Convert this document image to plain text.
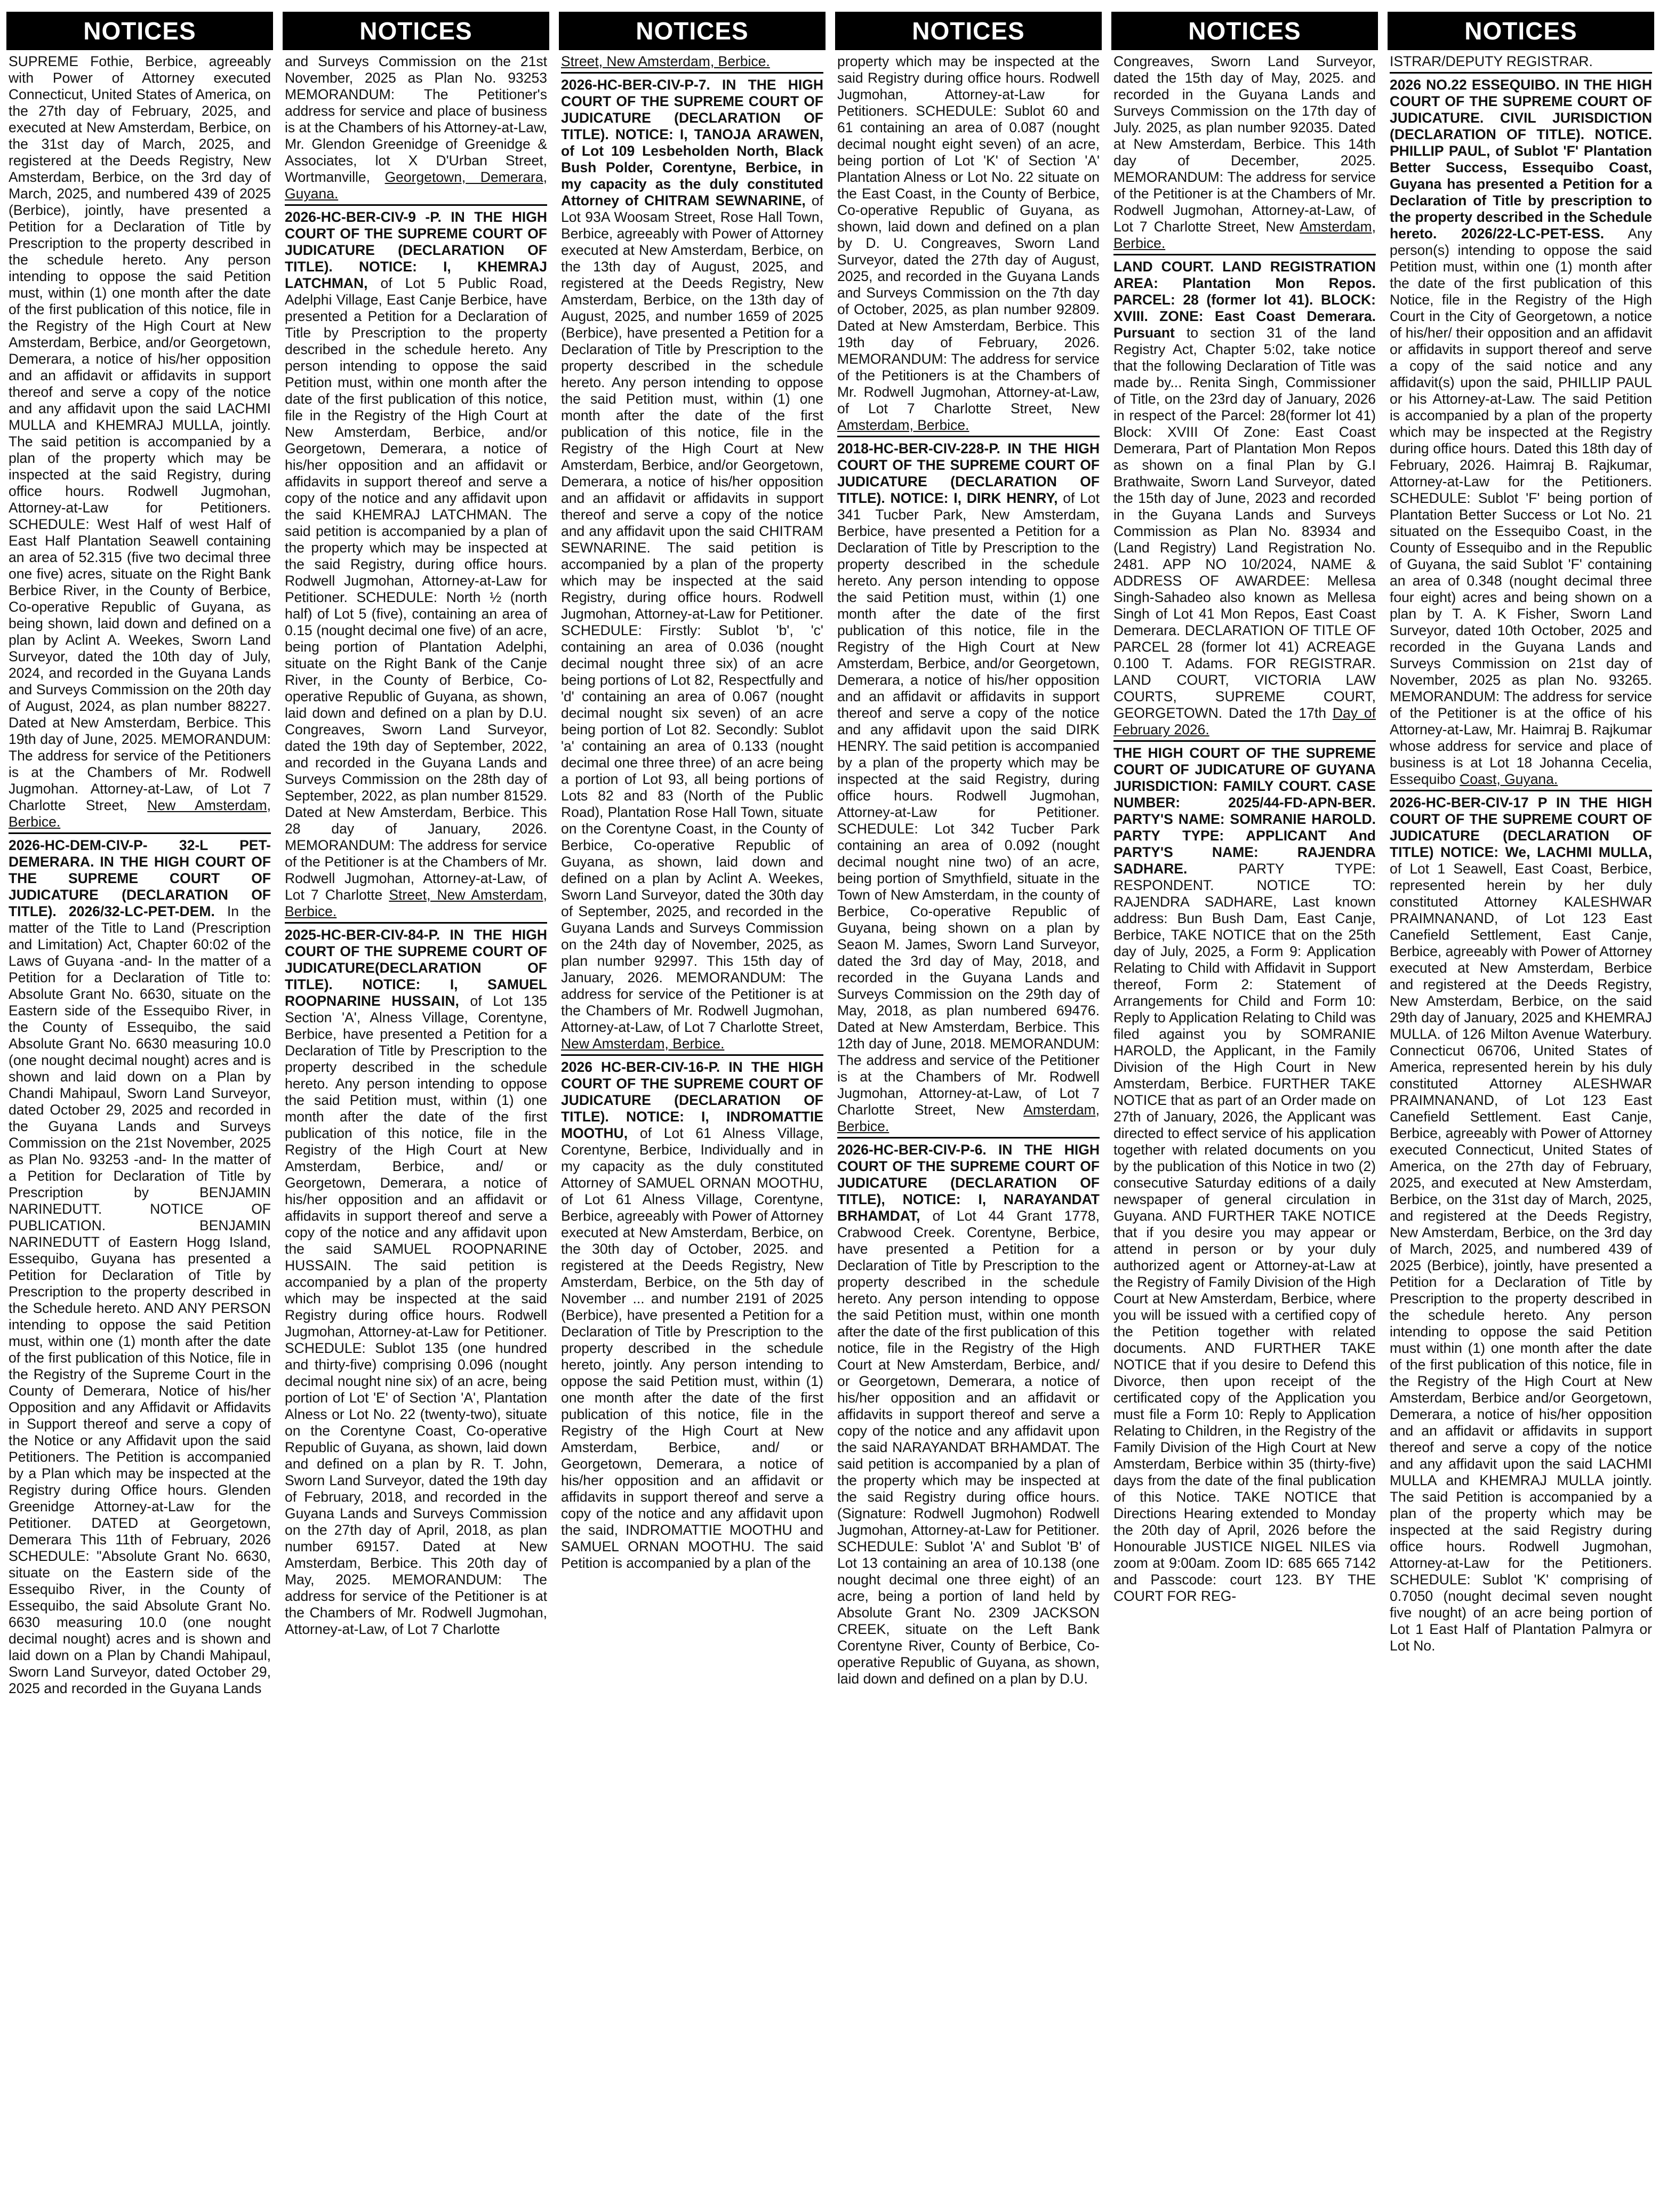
NOTICES

SUPREME Fothie, Berbice, agreeably with Power of Attorney executed Connecticut, United States of America, on the 27th day of February, 2025, and executed at New Amsterdam, Berbice, on the 31st day of March, 2025, and registered at the Deeds Registry, New Amsterdam, Berbice, on the 3rd day of March, 2025, and numbered 439 of 2025 (Berbice), jointly, have presented a Petition for a Declaration of Title by Prescription to the property described in the schedule hereto. Any person intending to oppose the said Petition must, within (1) one month after the date of the first publication of this notice, file in the Registry of the High Court at New Amsterdam, Berbice, and/or Georgetown, Demerara, a notice of his/her opposition and an affidavit or affidavits in support thereof and serve a copy of the notice and any affidavit upon the said LACHMI MULLA and KHEMRAJ MULLA, jointly. The said petition is accompanied by a plan of the property which may be inspected at the said Registry, during office hours. Rodwell Jugmohan, Attorney-at-Law for Petitioners. SCHEDULE: West Half of west Half of East Half Plantation Seawell containing an area of 52.315 (five two decimal three one five) acres, situate on the Right Bank Berbice River, in the County of Berbice, Co-operative Republic of Guyana, as being shown, laid down and defined on a plan by Aclint A. Weekes, Sworn Land Surveyor, dated the 10th day of July, 2024, and recorded in the Guyana Lands and Surveys Commission on the 20th day of August, 2024, as plan number 88227. Dated at New Amsterdam, Berbice. This 19th day of June, 2025. MEMORANDUM: The address for service of the Petitioners is at the Chambers of Mr. Rodwell Jugmohan. Attorney-at-Law, of Lot 7 Charlotte Street, New Amsterdam, Berbice.

2026-HC-DEM-CIV-P- 32-L PET- DEMERARA. IN THE HIGH COURT OF THE SUPREME COURT OF JUDICATURE (DECLARATION OF TITLE). 2026/32-LC-PET-DEM. In the matter of the Title to Land (Prescription and Limitation) Act, Chapter 60:02 of the Laws of Guyana -and- In the matter of a Petition for a Declaration of Title to: Absolute Grant No. 6630, situate on the Eastern side of the Essequibo River, in the County of Essequibo, the said Absolute Grant No. 6630 measuring 10.0 (one nought decimal nought) acres and is shown and laid down on a Plan by Chandi Mahipaul, Sworn Land Surveyor, dated October 29, 2025 and recorded in the Guyana Lands and Surveys Commission on the 21st November, 2025 as Plan No. 93253 -and- In the matter of a Petition for Declaration of Title by Prescription by BENJAMIN NARINEDUTT. NOTICE OF PUBLICATION. BENJAMIN NARINEDUTT of Eastern Hogg Island, Essequibo, Guyana has presented a Petition for Declaration of Title by Prescription to the property described in the Schedule hereto. AND ANY PERSON intending to oppose the said Petition must, within one (1) month after the date of the first publication of this Notice, file in the Registry of the Supreme Court in the County of Demerara, Notice of his/her Opposition and any Affidavit or Affidavits in Support thereof and serve a copy of the Notice or any Affidavit upon the said Petitioners. The Petition is accompanied by a Plan which may be inspected at the Registry during Office hours. Glenden Greenidge Attorney-at-Law for the Petitioner. DATED at Georgetown, Demerara This 11th of February, 2026 SCHEDULE: "Absolute Grant No. 6630, situate on the Eastern side of the Essequibo River, in the County of Essequibo, the said Absolute Grant No. 6630 measuring 10.0 (one nought decimal nought) acres and is shown and laid down on a Plan by Chandi Mahipaul, Sworn Land Surveyor, dated October 29, 2025 and recorded in the Guyana Lands

NOTICES

and Surveys Commission on the 21st November, 2025 as Plan No. 93253 MEMORANDUM: The Petitioner's address for service and place of business is at the Chambers of his Attorney-at-Law, Mr. Glendon Greenidge of Greenidge & Associates, lot X D'Urban Street, Wortmanville, Georgetown, Demerara, Guyana.

2026-HC-BER-CIV-9 -P. IN THE HIGH COURT OF THE SUPREME COURT OF JUDICATURE (DECLARATION OF TITLE). NOTICE: I, KHEMRAJ LATCHMAN, of Lot 5 Public Road, Adelphi Village, East Canje Berbice, have presented a Petition for a Declaration of Title by Prescription to the property described in the schedule hereto. Any person intending to oppose the said Petition must, within one month after the date of the first publication of this notice, file in the Registry of the High Court at New Amsterdam, Berbice, and/or Georgetown, Demerara, a notice of his/her opposition and an affidavit or affidavits in support thereof and serve a copy of the notice and any affidavit upon the said KHEMRAJ LATCHMAN. The said petition is accompanied by a plan of the property which may be inspected at the said Registry, during office hours. Rodwell Jugmohan, Attorney-at-Law for Petitioner. SCHEDULE: North ½ (north half) of Lot 5 (five), containing an area of 0.15 (nought decimal one five) of an acre, being portion of Plantation Adelphi, situate on the Right Bank of the Canje River, in the County of Berbice, Co-operative Republic of Guyana, as shown, laid down and defined on a plan by D.U. Congreaves, Sworn Land Surveyor, dated the 19th day of September, 2022, and recorded in the Guyana Lands and Surveys Commission on the 28th day of September, 2022, as plan number 81529. Dated at New Amsterdam, Berbice. This 28 day of January, 2026. MEMORANDUM: The address for service of the Petitioner is at the Chambers of Mr. Rodwell Jugmohan, Attorney-at-Law, of Lot 7 Charlotte Street, New Amsterdam, Berbice.

2025-HC-BER-CIV-84-P. IN THE HIGH COURT OF THE SUPREME COURT OF JUDICATURE(DECLARATION OF TITLE). NOTICE: I, SAMUEL ROOPNARINE HUSSAIN, of Lot 135 Section 'A', Alness Village, Corentyne, Berbice, have presented a Petition for a Declaration of Title by Prescription to the property described in the schedule hereto. Any person intending to oppose the said Petition must, within (1) one month after the date of the first publication of this notice, file in the Registry of the High Court at New Amsterdam, Berbice, and/ or Georgetown, Demerara, a notice of his/her opposition and an affidavit or affidavits in support thereof and serve a copy of the notice and any affidavit upon the said SAMUEL ROOPNARINE HUSSAIN. The said petition is accompanied by a plan of the property which may be inspected at the said Registry during office hours. Rodwell Jugmohan, Attorney-at-Law for Petitioner. SCHEDULE: Sublot 135 (one hundred and thirty-five) comprising 0.096 (nought decimal nought nine six) of an acre, being portion of Lot 'E' of Section 'A', Plantation Alness or Lot No. 22 (twenty-two), situate on the Corentyne Coast, Co-operative Republic of Guyana, as shown, laid down and defined on a plan by R. T. John, Sworn Land Surveyor, dated the 19th day of February, 2018, and recorded in the Guyana Lands and Surveys Commission on the 27th day of April, 2018, as plan number 69157. Dated at New Amsterdam, Berbice. This 20th day of May, 2025. MEMORANDUM: The address for service of the Petitioner is at the Chambers of Mr. Rodwell Jugmohan, Attorney-at-Law, of Lot 7 Charlotte

NOTICES

Street, New Amsterdam, Berbice.

2026-HC-BER-CIV-P-7. IN THE HIGH COURT OF THE SUPREME COURT OF JUDICATURE (DECLARATION OF TITLE). NOTICE: I, TANOJA ARAWEN, of Lot 109 Lesbeholden North, Black Bush Polder, Corentyne, Berbice, in my capacity as the duly constituted Attorney of CHITRAM SEWNARINE, of Lot 93A Woosam Street, Rose Hall Town, Berbice, agreeably with Power of Attorney executed at New Amsterdam, Berbice, on the 13th day of August, 2025, and registered at the Deeds Registry, New Amsterdam, Berbice, on the 13th day of August, 2025, and number 1659 of 2025 (Berbice), have presented a Petition for a Declaration of Title by Prescription to the property described in the schedule hereto. Any person intending to oppose the said Petition must, within (1) one month after the date of the first publication of this notice, file in the Registry of the High Court at New Amsterdam, Berbice, and/or Georgetown, Demerara, a notice of his/her opposition and an affidavit or affidavits in support thereof and serve a copy of the notice and any affidavit upon the said CHITRAM SEWNARINE. The said petition is accompanied by a plan of the property which may be inspected at the said Registry, during office hours. Rodwell Jugmohan, Attorney-at-Law for Petitioner. SCHEDULE: Firstly: Sublot 'b', 'c' containing an area of 0.036 (nought decimal nought three six) of an acre being portions of Lot 82, Respectfully and 'd' containing an area of 0.067 (nought decimal nought six seven) of an acre being portion of Lot 82. Secondly: Sublot 'a' containing an area of 0.133 (nought decimal one three three) of an acre being a portion of Lot 93, all being portions of Lots 82 and 83 (North of the Public Road), Plantation Rose Hall Town, situate on the Corentyne Coast, in the County of Berbice, Co-operative Republic of Guyana, as shown, laid down and defined on a plan by Aclint A. Weekes, Sworn Land Surveyor, dated the 30th day of September, 2025, and recorded in the Guyana Lands and Surveys Commission on the 24th day of November, 2025, as plan number 92997. This 15th day of January, 2026. MEMORANDUM: The address for service of the Petitioner is at the Chambers of Mr. Rodwell Jugmohan, Attorney-at-Law, of Lot 7 Charlotte Street, New Amsterdam, Berbice.

2026 HC-BER-CIV-16-P. IN THE HIGH COURT OF THE SUPREME COURT OF JUDICATURE (DECLARATION OF TITLE). NOTICE: I, INDROMATTIE MOOTHU, of Lot 61 Alness Village, Corentyne, Berbice, Individually and in my capacity as the duly constituted Attorney of SAMUEL ORNAN MOOTHU, of Lot 61 Alness Village, Corentyne, Berbice, agreeably with Power of Attorney executed at New Amsterdam, Berbice, on the 30th day of October, 2025. and registered at the Deeds Registry, New Amsterdam, Berbice, on the 5th day of November ... and number 2191 of 2025 (Berbice), have presented a Petition for a Declaration of Title by Prescription to the property described in the schedule hereto, jointly. Any person intending to oppose the said Petition must, within (1) one month after the date of the first publication of this notice, file in the Registry of the High Court at New Amsterdam, Berbice, and/ or Georgetown, Demerara, a notice of his/her opposition and an affidavit or affidavits in support thereof and serve a copy of the notice and any affidavit upon the said, INDROMATTIE MOOTHU and SAMUEL ORNAN MOOTHU. The said Petition is accompanied by a plan of the

NOTICES

property which may be inspected at the said Registry during office hours. Rodwell Jugmohan, Attorney-at-Law for Petitioners. SCHEDULE: Sublot 60 and 61 containing an area of 0.087 (nought decimal nought eight seven) of an acre, being portion of Lot 'K' of Section 'A' Plantation Alness or Lot No. 22 situate on the East Coast, in the County of Berbice, Co-operative Republic of Guyana, as shown, laid down and defined on a plan by D. U. Congreaves, Sworn Land Surveyor, dated the 27th day of August, 2025, and recorded in the Guyana Lands and Surveys Commission on the 7th day of October, 2025, as plan number 92809. Dated at New Amsterdam, Berbice. This 19th day of February, 2026. MEMORANDUM: The address for service of the Petitioners is at the Chambers of Mr. Rodwell Jugmohan, Attorney-at-Law, of Lot 7 Charlotte Street, New Amsterdam, Berbice.

2018-HC-BER-CIV-228-P. IN THE HIGH COURT OF THE SUPREME COURT OF JUDICATURE (DECLARATION OF TITLE). NOTICE: I, DIRK HENRY, of Lot 341 Tucber Park, New Amsterdam, Berbice, have presented a Petition for a Declaration of Title by Prescription to the property described in the schedule hereto. Any person intending to oppose the said Petition must, within (1) one month after the date of the first publication of this notice, file in the Registry of the High Court at New Amsterdam, Berbice, and/or Georgetown, Demerara, a notice of his/her opposition and an affidavit or affidavits in support thereof and serve a copy of the notice and any affidavit upon the said DIRK HENRY. The said petition is accompanied by a plan of the property which may be inspected at the said Registry, during office hours. Rodwell Jugmohan, Attorney-at-Law for Petitioner. SCHEDULE: Lot 342 Tucber Park containing an area of 0.092 (nought decimal nought nine two) of an acre, being portion of Smythfield, situate in the Town of New Amsterdam, in the county of Berbice, Co-operative Republic of Guyana, being shown on a plan by Seaon M. James, Sworn Land Surveyor, dated the 3rd day of May, 2018, and recorded in the Guyana Lands and Surveys Commission on the 29th day of May, 2018, as plan numbered 69476. Dated at New Amsterdam, Berbice. This 12th day of June, 2018. MEMORANDUM: The address and service of the Petitioner is at the Chambers of Mr. Rodwell Jugmohan, Attorney-at-Law, of Lot 7 Charlotte Street, New Amsterdam, Berbice.

2026-HC-BER-CIV-P-6. IN THE HIGH COURT OF THE SUPREME COURT OF JUDICATURE (DECLARATION OF TITLE), NOTICE: I, NARAYANDAT BRHAMDAT, of Lot 44 Grant 1778, Crabwood Creek. Corentyne, Berbice, have presented a Petition for a Declaration of Title by Prescription to the property described in the schedule hereto. Any person intending to oppose the said Petition must, within one month after the date of the first publication of this notice, file in the Registry of the High Court at New Amsterdam, Berbice, and/ or Georgetown, Demerara, a notice of his/her opposition and an affidavit or affidavits in support thereof and serve a copy of the notice and any affidavit upon the said NARAYANDAT BRHAMDAT. The said petition is accompanied by a plan of the property which may be inspected at the said Registry during office hours. (Signature: Rodwell Jugmohon) Rodwell Jugmohan, Attorney-at-Law for Petitioner. SCHEDULE: Sublot 'A' and Sublot 'B' of Lot 13 containing an area of 10.138 (one nought decimal one three eight) of an acre, being a portion of land held by Absolute Grant No. 2309 JACKSON CREEK, situate on the Left Bank Corentyne River, County of Berbice, Co-operative Republic of Guyana, as shown, laid down and defined on a plan by D.U.

NOTICES

Congreaves, Sworn Land Surveyor, dated the 15th day of May, 2025. and recorded in the Guyana Lands and Surveys Commission on the 17th day of July. 2025, as plan number 92035. Dated at New Amsterdam, Berbice. This 14th day of December, 2025. MEMORANDUM: The address for service of the Petitioner is at the Chambers of Mr. Rodwell Jugmohan, Attorney-at-Law, of Lot 7 Charlotte Street, New Amsterdam, Berbice.

LAND COURT. LAND REGISTRATION AREA: Plantation Mon Repos. PARCEL: 28 (former lot 41). BLOCK: XVIII. ZONE: East Coast Demerara. Pursuant to section 31 of the land Registry Act, Chapter 5:02, take notice that the following Declaration of Title was made by... Renita Singh, Commissioner of Title, on the 23rd day of January, 2026 in respect of the Parcel: 28(former lot 41) Block: XVIII Of Zone: East Coast Demerara, Part of Plantation Mon Repos as shown on a final Plan by G.I Brathwaite, Sworn Land Surveyor, dated the 15th day of June, 2023 and recorded in the Guyana Lands and Surveys Commission as Plan No. 83934 and (Land Registry) Land Registration No. 2481. APP NO 10/2024, NAME & ADDRESS OF AWARDEE: Mellesa Singh-Sahadeo also known as Mellesa Singh of Lot 41 Mon Repos, East Coast Demerara. DECLARATION OF TITLE OF PARCEL 28 (former lot 41) ACREAGE 0.100 T. Adams. FOR REGISTRAR. LAND COURT, VICTORIA LAW COURTS, SUPREME COURT, GEORGETOWN. Dated the 17th Day of February 2026.

THE HIGH COURT OF THE SUPREME COURT OF JUDICATURE OF GUYANA JURISDICTION: FAMILY COURT. CASE NUMBER: 2025/44-FD-APN-BER. PARTY'S NAME: SOMRANIE HAROLD. PARTY TYPE: APPLICANT And PARTY'S NAME: RAJENDRA SADHARE.	PARTY TYPE: RESPONDENT. NOTICE TO: RAJENDRA SADHARE, Last known address: Bun Bush Dam, East Canje, Berbice, TAKE NOTICE that on the 25th day of July, 2025, a Form 9: Application Relating to Child with Affidavit in Support thereof, Form 2: Statement of Arrangements for Child and Form 10: Reply to Application Relating to Child was filed against you by SOMRANIE HAROLD, the Applicant, in the Family Division of the High Court in New Amsterdam, Berbice. FURTHER TAKE NOTICE that as part of an Order made on 27th of January, 2026, the Applicant was directed to effect service of his application together with related documents on you by the publication of this Notice in two (2) consecutive Saturday editions of a daily newspaper of general circulation in Guyana. AND FURTHER TAKE NOTICE that if you desire you may appear or attend in person or by your duly authorized agent or Attorney-at-Law at the Registry of Family Division of the High Court at New Amsterdam, Berbice, where you will be issued with a certified copy of the Petition together with related documents. AND FURTHER TAKE NOTICE that if you desire to Defend this Divorce, then upon receipt of the certificated copy of the Application you must file a Form 10: Reply to Application Relating to Children, in the Registry of the Family Division of the High Court at New Amsterdam, Berbice within 35 (thirty-five) days from the date of the final publication of this Notice. TAKE NOTICE that Directions Hearing extended to Monday the 20th day of April, 2026 before the Honourable JUSTICE NIGEL NILES via zoom at 9:00am. Zoom ID: 685 665 7142 and Passcode: court 123. BY THE COURT FOR REG-

NOTICES

ISTRAR/DEPUTY REGISTRAR.

2026 NO.22 ESSEQUIBO. IN THE HIGH COURT OF THE SUPREME COURT OF JUDICATURE. CIVIL JURISDICTION (DECLARATION OF TITLE). NOTICE. PHILLIP PAUL, of Sublot 'F' Plantation Better Success, Essequibo Coast, Guyana has presented a Petition for a Declaration of Title by prescription to the property described in the Schedule hereto. 2026/22-LC-PET-ESS. Any person(s) intending to oppose the said Petition must, within one (1) month after the date of the first publication of this Notice, file in the Registry of the High Court in the City of Georgetown, a notice of his/her/ their opposition and an affidavit or affidavits in support thereof and serve a copy of the said notice and any affidavit(s) upon the said, PHILLIP PAUL or his Attorney-at-Law. The said Petition is accompanied by a plan of the property which may be inspected at the Registry during office hours. Dated this 18th day of February, 2026. Haimraj B. Rajkumar, Attorney-at-Law for the Petitioners. SCHEDULE: Sublot 'F' being portion of Plantation Better Success or Lot No. 21 situated on the Essequibo Coast, in the County of Essequibo and in the Republic of Guyana, the said Sublot 'F' containing an area of 0.348 (nought decimal three four eight) acres and being shown on a plan by T. A. K Fisher, Sworn Land Surveyor, dated 10th October, 2025 and recorded in the Guyana Lands and Surveys Commission on 21st day of November, 2025 as plan No. 93265. MEMORANDUM: The address for service of the Petitioner is at the office of his Attorney-at-Law, Mr. Haimraj B. Rajkumar whose address for service and place of business is at Lot 18 Johanna Cecelia, Essequibo Coast, Guyana.

2026-HC-BER-CIV-17 P IN THE HIGH COURT OF THE SUPREME COURT OF JUDICATURE (DECLARATION OF TITLE) NOTICE: We, LACHMI MULLA, of Lot 1 Seawell, East Coast, Berbice, represented herein by her duly constituted Attorney KALESHWAR PRAIMNANAND, of Lot 123 East Canefield Settlement, East Canje, Berbice, agreeably with Power of Attorney executed at New Amsterdam, Berbice and registered at the Deeds Registry, New Amsterdam, Berbice, on the said 29th day of January, 2025 and KHEMRAJ MULLA. of 126 Milton Avenue Waterbury. Connecticut 06706, United States of America, represented herein by his duly constituted Attorney ALESHWAR PRAIMNANAND, of Lot 123 East Canefield Settlement. East Canje, Berbice, agreeably with Power of Attorney executed Connecticut, United States of America, on the 27th day of February, 2025, and executed at New Amsterdam, Berbice, on the 31st day of March, 2025, and registered at the Deeds Registry, New Amsterdam, Berbice, on the 3rd day of March, 2025, and numbered 439 of 2025 (Berbice), jointly, have presented a Petition for a Declaration of Title by Prescription to the property described in the schedule hereto. Any person intending to oppose the said Petition must within (1) one month after the date of the first publication of this notice, file in the Registry of the High Court at New Amsterdam, Berbice and/or Georgetown, Demerara, a notice of his/her opposition and an affidavit or affidavits in support thereof and serve a copy of the notice and any affidavit upon the said LACHMI MULLA and KHEMRAJ MULLA jointly. The said Petition is accompanied by a plan of the property which may be inspected at the said Registry during office hours. Rodwell Jugmohan, Attorney-at-Law for the Petitioners. SCHEDULE: Sublot 'K' comprising of 0.7050 (nought decimal seven nought five nought) of an acre being portion of Lot 1 East Half of Plantation Palmyra or Lot No.
